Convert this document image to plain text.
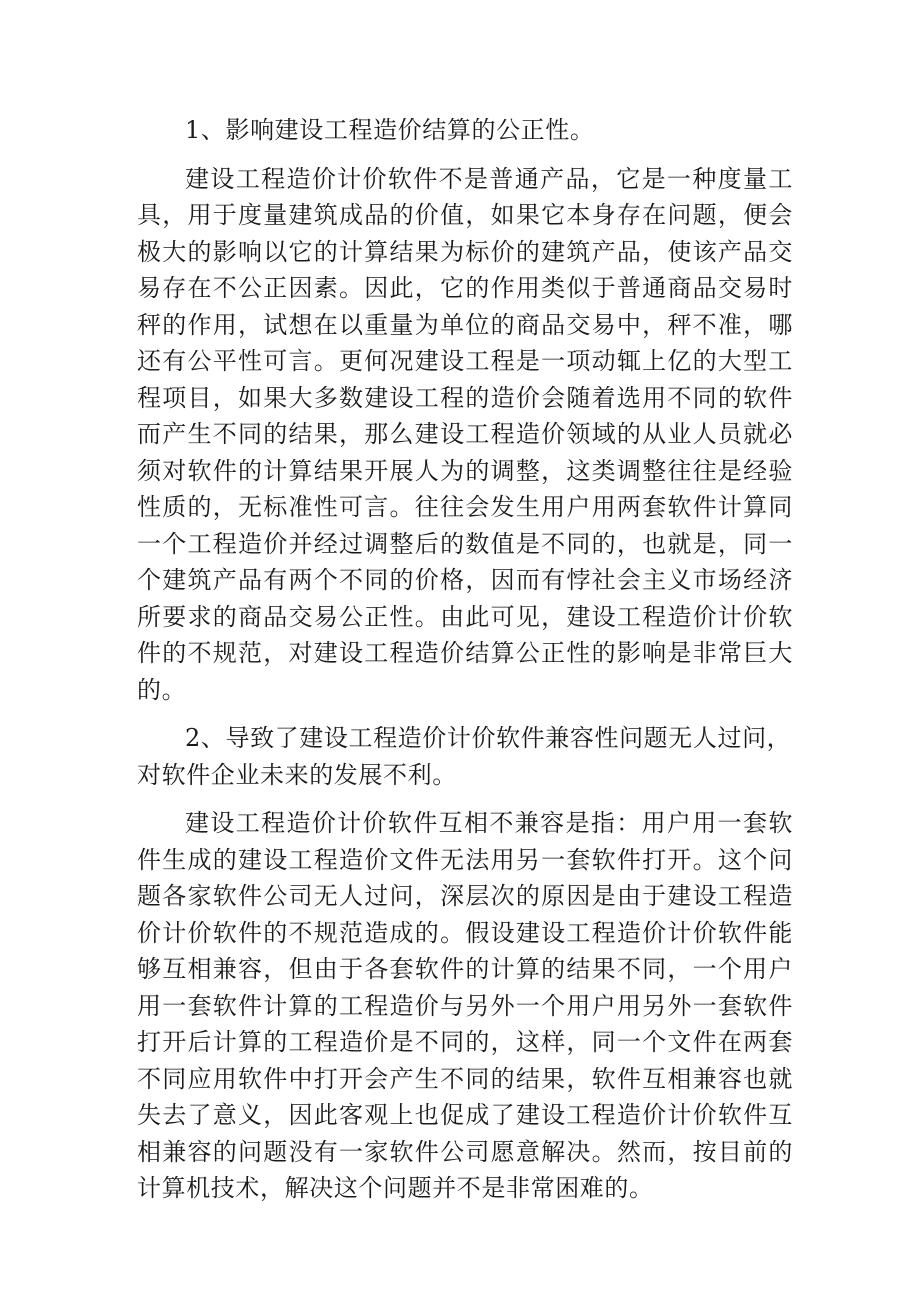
1、影响建设工程造价结算的公正性。

建设工程造价计价软件不是普通产品，它是一种度量工具，用于度量建筑成品的价值，如果它本身存在问题，便会极大的影响以它的计算结果为标价的建筑产品，使该产品交易存在不公正因素。因此，它的作用类似于普通商品交易时秤的作用，试想在以重量为单位的商品交易中，秤不准，哪还有公平性可言。更何况建设工程是一项动辄上亿的大型工程项目，如果大多数建设工程的造价会随着选用不同的软件而产生不同的结果，那么建设工程造价领域的从业人员就必须对软件的计算结果开展人为的调整，这类调整往往是经验性质的，无标准性可言。往往会发生用户用两套软件计算同一个工程造价并经过调整后的数值是不同的，也就是，同一个建筑产品有两个不同的价格，因而有悖社会主义市场经济所要求的商品交易公正性。由此可见，建设工程造价计价软件的不规范，对建设工程造价结算公正性的影响是非常巨大的。

2、导致了建设工程造价计价软件兼容性问题无人过问，对软件企业未来的发展不利。

建设工程造价计价软件互相不兼容是指：用户用一套软件生成的建设工程造价文件无法用另一套软件打开。这个问题各家软件公司无人过问，深层次的原因是由于建设工程造价计价软件的不规范造成的。假设建设工程造价计价软件能够互相兼容，但由于各套软件的计算的结果不同，一个用户用一套软件计算的工程造价与另外一个用户用另外一套软件打开后计算的工程造价是不同的，这样，同一个文件在两套不同应用软件中打开会产生不同的结果，软件互相兼容也就失去了意义，因此客观上也促成了建设工程造价计价软件互相兼容的问题没有一家软件公司愿意解决。然而，按目前的计算机技术，解决这个问题并不是非常困难的。
